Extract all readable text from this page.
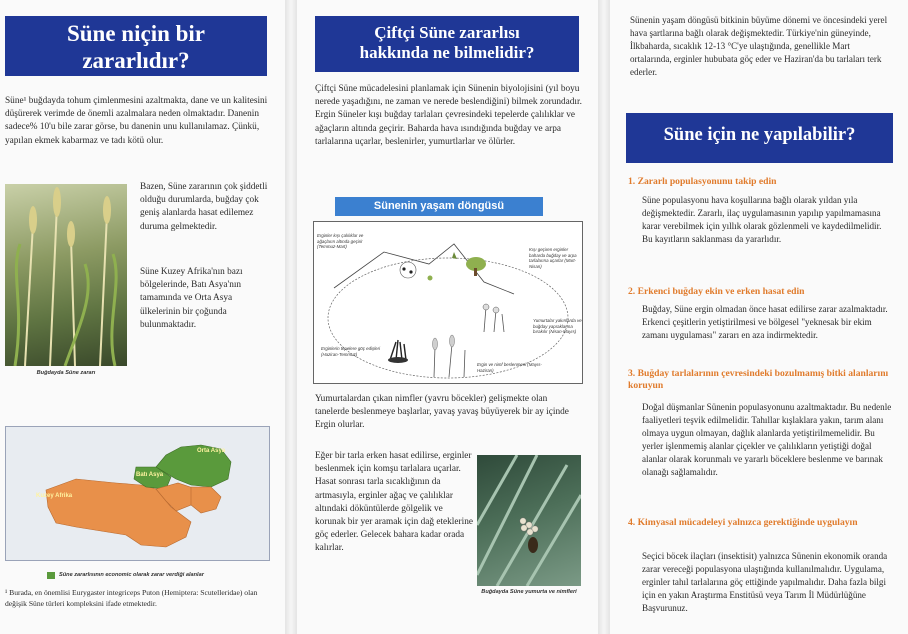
Süne niçin bir zararlıdır?
Süne¹ buğdayda tohum çimlenmesini azaltmakta, dane ve un kalitesini düşürerek verimde de önemli azalmalara neden olmaktadır. Danenin sadece% 10'u bile zarar görse, bu danenin unu kullanılamaz. Çünkü, yapılan ekmek kabarmaz ve tadı kötü olur.
Buğdayda Süne zararı
Bazen, Süne zararının çok şiddetli olduğu durumlarda, buğday çok geniş alanlarda hasat edilemez duruma gelmektedir.
Süne Kuzey Afrika'nın bazı bölgelerinde, Batı Asya'nın tamamında ve Orta Asya ülkelerinin bir çoğunda bulunmaktadır.
Orta Asya
Batı Asya
Kuzey Afrika
Süne zararlısının economic olarak zarar verdiği alanlar
¹ Burada, en önemlisi Eurygaster integriceps Puton (Hemiptera: Scutelleridae) olan değişik Süne türleri kompleksini ifade etmektedir.
Çiftçi Süne zararlısı hakkında ne bilmelidir?
Çiftçi Süne mücadelesini planlamak için Sünenin biyolojisini (yıl boyu nerede yaşadığını, ne zaman ve nerede beslendiğini) bilmek zorundadır. Ergin Süneler kışı buğday tarlaları çevresindeki tepelerde çalılıklar ve ağaçların altında geçirir. Baharda hava ısındığında buğday ve arpa tarlalarına uçarlar, beslenirler, yumurtlarlar ve ölürler.
Sünenin yaşam döngüsü
Erginler kışı çalılıklar ve ağaçların altında geçirir (Temmuz-Mart)
Kışı geçiren erginler baharda buğday ve arpa tarlalarına uçarlar (Mart-Nisan)
Yumurtalar yakınlarda ve buğday yapraklarına bırakılır (Nisan-Mayıs)
Ergin ve nimf beslenmesi (Mayıs-Haziran)
Erginlerin tepelere göç edişleri (Haziran-Temmuz)
Yumurtalardan çıkan nimfler (yavru böcekler) gelişmekte olan tanelerde beslenmeye başlarlar, yavaş yavaş büyüyerek bir ay içinde Ergin olurlar.
Eğer bir tarla erken hasat edilirse, erginler beslenmek için komşu tarlalara uçarlar. Hasat sonrası tarla sıcaklığının da artmasıyla, erginler ağaç ve çalılıklar altındaki döküntülerde gölgelik ve korunak bir yer aramak için dağ eteklerine göç ederler. Gelecek bahara kadar orada kalırlar.
Buğdayda Süne yumurta ve nimfleri
Sünenin yaşam döngüsü bitkinin büyüme dönemi ve öncesindeki yerel hava şartlarına bağlı olarak değişmektedir. Türkiye'nin güneyinde, İlkbaharda, sıcaklık 12-13 °C'ye ulaştığında, genellikle Mart ortalarında, erginler hububata göç eder ve Haziran'da bu tarlaları terk ederler.
Süne için ne yapılabilir?
1. Zararlı populasyonunu takip edin
Süne populasyonu hava koşullarına bağlı olarak yıldan yıla değişmektedir. Zararlı, ilaç uygulamasının yapılıp yapılmamasına karar verebilmek için yıllık olarak gözlenmeli ve kaydedilmelidir. Bu kayıtların saklanması da yararlıdır.
2. Erkenci buğday ekin ve erken hasat edin
Buğday, Süne ergin olmadan önce hasat edilirse zarar azalmaktadır. Erkenci çeşitlerin yetiştirilmesi ve bölgesel "yeknesak bir ekim zamanı uygulaması" zararı en aza indirmektedir.
3. Buğday tarlalarının çevresindeki bozulmamış bitki alanlarını koruyun
Doğal düşmanlar Sünenin populasyonunu azaltmaktadır. Bu nedenle faaliyetleri teşvik edilmelidir. Tahıllar kışlaklara yakın, tarım alanı olmaya uygun olmayan, dağlık alanlarda yetiştirilmemelidir. Bu yerler işlenmemiş alanlar çiçekler ve çalılıkların yetiştiği doğal alanlar olarak korunmalı ve yararlı böceklere beslenme ve barınak olanağı sağlamalıdır.
4. Kimyasal mücadeleyi yalnızca gerektiğinde uygulayın
Seçici böcek ilaçları (insektisit) yalnızca Sünenin ekonomik oranda zarar vereceği populasyona ulaştığında kullanılmalıdır. Uygulama, erginler tahıl tarlalarına göç ettiğinde yapılmalıdır. Daha fazla bilgi için en yakın Araştırma Enstitüsü veya Tarım İl Müdürlüğüne Başvurunuz.
